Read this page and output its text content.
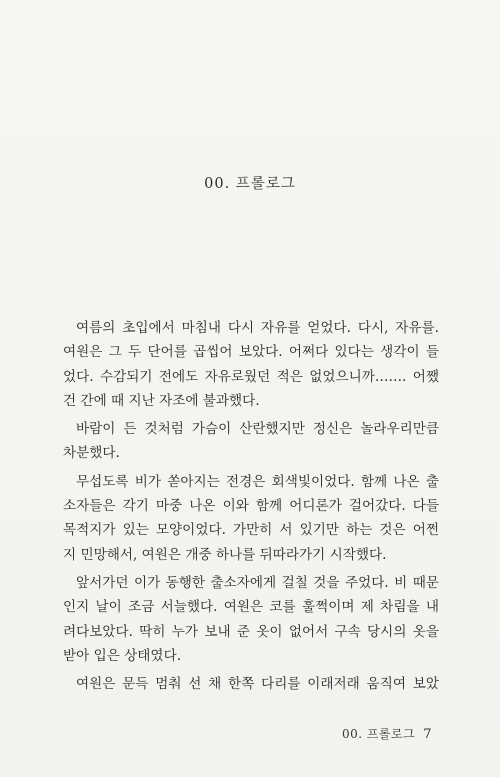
00. 프롤로그

여름의 초입에서 마침내 다시 자유를 얻었다. 다시, 자유를.
여원은 그 두 단어를 곱씹어 보았다. 어쩌다 있다는 생각이 들
었다. 수감되기 전에도 자유로웠던 적은 없었으니까……. 어쨌
건 간에 때 지난 자조에 불과했다.

바람이 든 것처럼 가슴이 산란했지만 정신은 놀라우리만큼
차분했다.

무섭도록 비가 쏟아지는 전경은 회색빛이었다. 함께 나온 출
소자들은 각기 마중 나온 이와 함께 어디론가 걸어갔다. 다들
목적지가 있는 모양이었다. 가만히 서 있기만 하는 것은 어쩐
지 민망해서, 여원은 개중 하나를 뒤따라가기 시작했다.

앞서가던 이가 동행한 출소자에게 걸칠 것을 주었다. 비 때문
인지 날이 조금 서늘했다. 여원은 코를 훌쩍이며 제 차림을 내
려다보았다. 딱히 누가 보내 준 옷이 없어서 구속 당시의 옷을
받아 입은 상태였다.

여원은 문득 멈춰 선 채 한쪽 다리를 이래저래 움직여 보았

00. 프롤로그 7
